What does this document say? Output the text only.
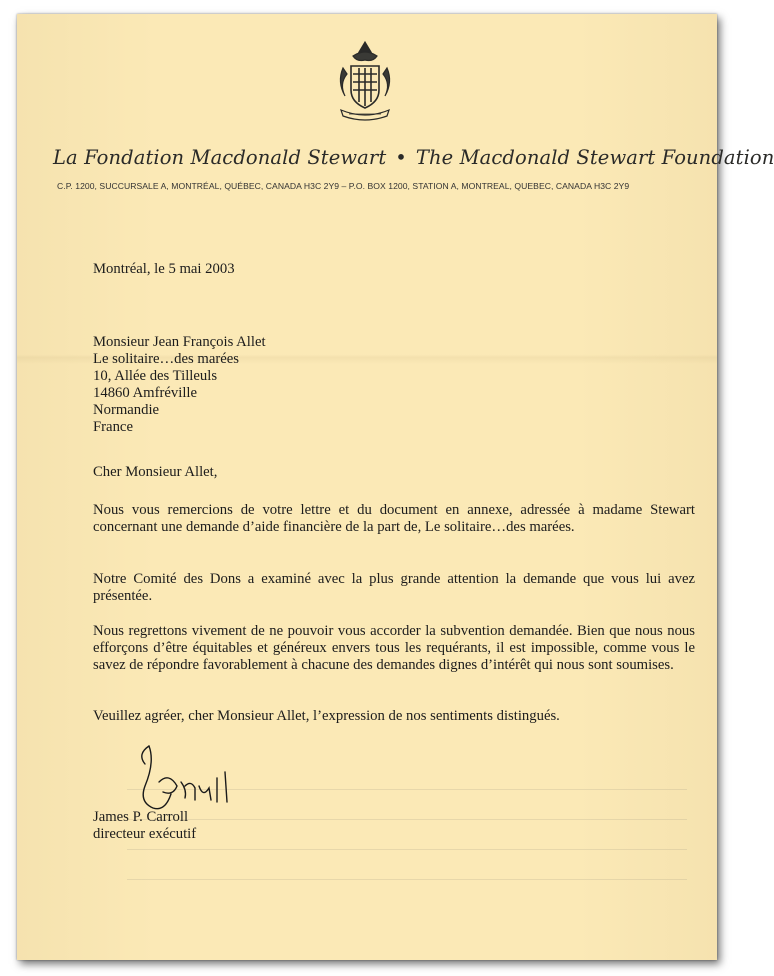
La Fondation Macdonald Stewart • The Macdonald Stewart Foundation
C.P. 1200, SUCCURSALE A, MONTRÉAL, QUÉBEC, CANADA H3C 2Y9 – P.O. BOX 1200, STATION A, MONTREAL, QUEBEC, CANADA H3C 2Y9
Montréal, le 5 mai 2003
Monsieur Jean François Allet
Le solitaire…des marées
10, Allée des Tilleuls
14860 Amfréville
Normandie
France
Cher Monsieur Allet,
Nous vous remercions de votre lettre et du document en annexe, adressée à madame Stewart concernant une demande d’aide financière de la part de, Le solitaire…des marées.
Notre Comité des Dons a examiné avec la plus grande attention la demande que vous lui avez présentée.
Nous regrettons vivement de ne pouvoir vous accorder la subvention demandée. Bien que nous nous efforçons d’être équitables et généreux envers tous les requérants, il est impossible, comme vous le savez de répondre favorablement à chacune des demandes dignes d’intérêt qui nous sont soumises.
Veuillez agréer, cher Monsieur Allet, l’expression de nos sentiments distingués.
James P. Carroll
directeur exécutif
